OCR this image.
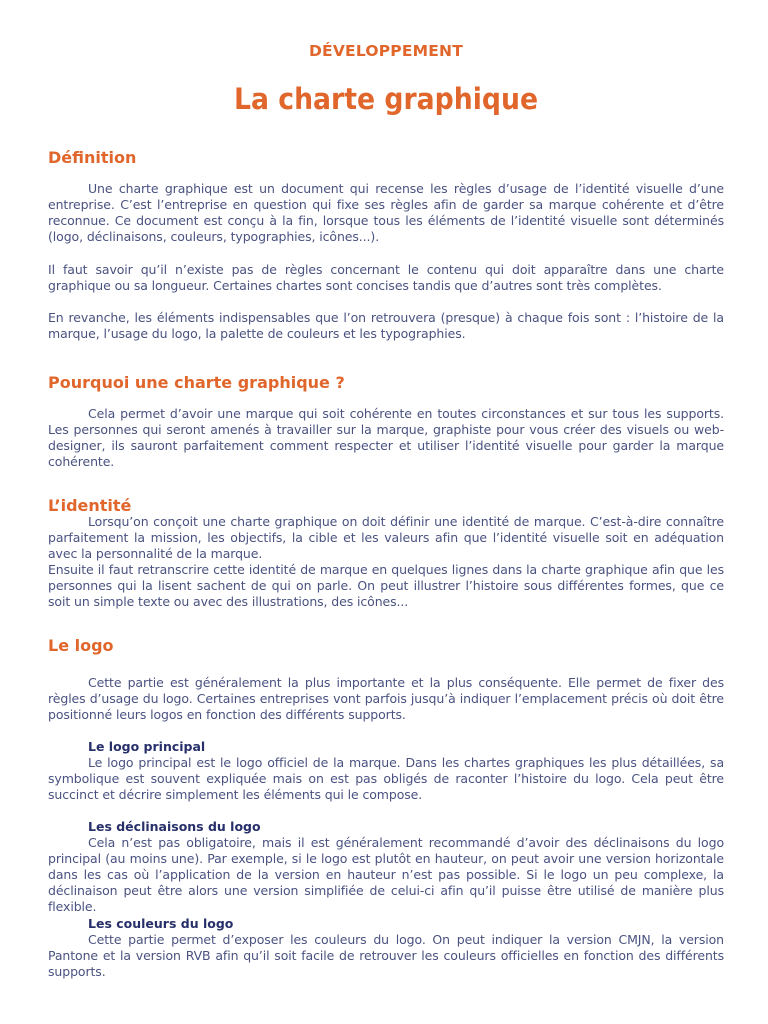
DÉVELOPPEMENT
La charte graphique
Définition

Une charte graphique est un document qui recense les règles d’usage de l’identité visuelle d’une entreprise. C’est l’entreprise en question qui fixe ses règles afin de garder sa marque cohérente et d’être reconnue. Ce document est conçu à la fin, lorsque tous les éléments de l’identité visuelle sont déterminés (logo, déclinaisons, couleurs, typographies, icônes...).

Il faut savoir qu’il n’existe pas de règles concernant le contenu qui doit apparaître dans une charte graphique ou sa longueur. Certaines chartes sont concises tandis que d’autres sont très complètes.

En revanche, les éléments indispensables que l’on retrouvera (presque) à chaque fois sont : l’histoire de la marque, l’usage du logo, la palette de couleurs et les typographies.

Pourquoi une charte graphique ?

Cela permet d’avoir une marque qui soit cohérente en toutes circonstances et sur tous les supports. Les personnes qui seront amenés à travailler sur la marque, graphiste pour vous créer des visuels ou web-designer, ils sauront parfaitement comment respecter et utiliser l’identité visuelle pour garder la marque cohérente.

L’identité

Lorsqu’on conçoit une charte graphique on doit définir une identité de marque. C’est-à-dire connaître parfaitement la mission, les objectifs, la cible et les valeurs afin que l’identité visuelle soit en adéquation avec la personnalité de la marque.

Ensuite il faut retranscrire cette identité de marque en quelques lignes dans la charte graphique afin que les personnes qui la lisent sachent de qui on parle. On peut illustrer l’histoire sous différentes formes, que ce soit un simple texte ou avec des illustrations, des icônes...

Le logo

Cette partie est généralement la plus importante et la plus conséquente. Elle permet de fixer des règles d’usage du logo. Certaines entreprises vont parfois jusqu’à indiquer l’emplacement précis où doit être positionné leurs logos en fonction des différents supports.

Le logo principal

Le logo principal est le logo officiel de la marque. Dans les chartes graphiques les plus détaillées, sa symbolique est souvent expliquée mais on est pas obligés de raconter l’histoire du logo. Cela peut être succinct et décrire simplement les éléments qui le compose.

Les déclinaisons du logo

Cela n’est pas obligatoire, mais il est généralement recommandé d’avoir des déclinaisons du logo principal (au moins une). Par exemple, si le logo est plutôt en hauteur, on peut avoir une version horizontale dans les cas où l’application de la version en hauteur n’est pas possible. Si le logo un peu complexe, la déclinaison peut être alors une version simplifiée de celui-ci afin qu’il puisse être utilisé de manière plus flexible.

Les couleurs du logo

Cette partie permet d’exposer les couleurs du logo. On peut indiquer la version CMJN, la version Pantone et la version RVB afin qu’il soit facile de retrouver les couleurs officielles en fonction des différents supports.
